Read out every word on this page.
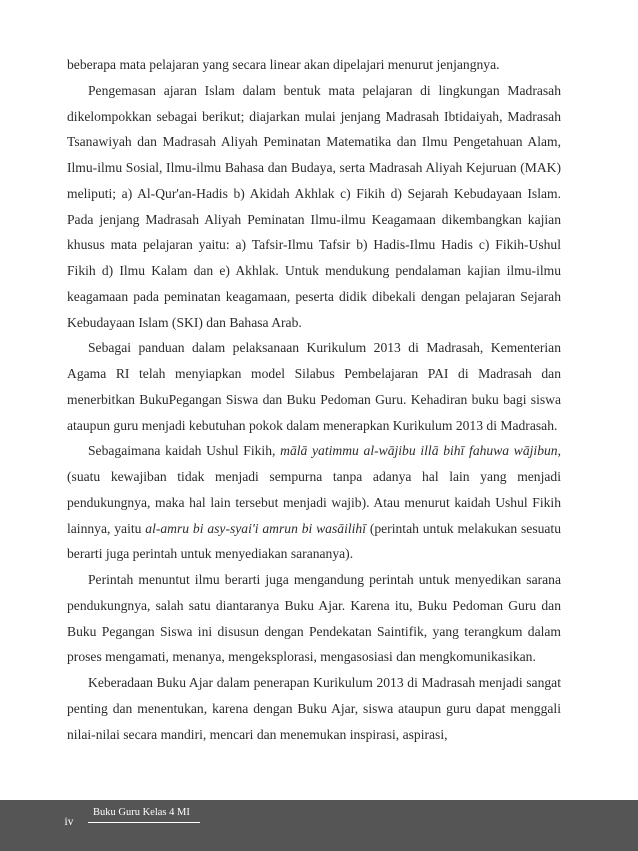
beberapa mata pelajaran yang secara linear akan dipelajari menurut jenjangnya.

Pengemasan ajaran Islam dalam bentuk mata pelajaran di lingkungan Madrasah dikelompokkan sebagai berikut; diajarkan mulai jenjang Madrasah Ibtidaiyah, Madrasah Tsanawiyah dan Madrasah Aliyah Peminatan Matematika dan Ilmu Pengetahuan Alam, Ilmu-ilmu Sosial, Ilmu-ilmu Bahasa dan Budaya, serta Madrasah Aliyah Kejuruan (MAK) meliputi; a) Al-Qur'an-Hadis b) Akidah Akhlak c) Fikih d) Sejarah Kebudayaan Islam. Pada jenjang Madrasah Aliyah Peminatan Ilmu-ilmu Keagamaan dikembangkan kajian khusus mata pelajaran yaitu: a) Tafsir-Ilmu Tafsir b) Hadis-Ilmu Hadis c) Fikih-Ushul Fikih d) Ilmu Kalam dan e) Akhlak. Untuk mendukung pendalaman kajian ilmu-ilmu keagamaan pada peminatan keagamaan, peserta didik dibekali dengan pelajaran Sejarah Kebudayaan Islam (SKI) dan Bahasa Arab.

Sebagai panduan dalam pelaksanaan Kurikulum 2013 di Madrasah, Kementerian Agama RI telah menyiapkan model Silabus Pembelajaran PAI di Madrasah dan menerbitkan BukuPegangan Siswa dan Buku Pedoman Guru. Kehadiran buku bagi siswa ataupun guru menjadi kebutuhan pokok dalam menerapkan Kurikulum 2013 di Madrasah.

Sebagaimana kaidah Ushul Fikih, mālā yatimmu al-wājibu illā bihī fahuwa wājibun, (suatu kewajiban tidak menjadi sempurna tanpa adanya hal lain yang menjadi pendukungnya, maka hal lain tersebut menjadi wajib). Atau menurut kaidah Ushul Fikih lainnya, yaitu al-amru bi asy-syai'i amrun bi wasāilihī (perintah untuk melakukan sesuatu berarti juga perintah untuk menyediakan sarananya).

Perintah menuntut ilmu berarti juga mengandung perintah untuk menyedikan sarana pendukungnya, salah satu diantaranya Buku Ajar. Karena itu, Buku Pedoman Guru dan Buku Pegangan Siswa ini disusun dengan Pendekatan Saintifik, yang terangkum dalam proses mengamati, menanya, mengeksplorasi, mengasosiasi dan mengkomunikasikan.

Keberadaan Buku Ajar dalam penerapan Kurikulum 2013 di Madrasah menjadi sangat penting dan menentukan, karena dengan Buku Ajar, siswa ataupun guru dapat menggali nilai-nilai secara mandiri, mencari dan menemukan inspirasi, aspirasi,

iv
Buku Guru Kelas 4 MI
